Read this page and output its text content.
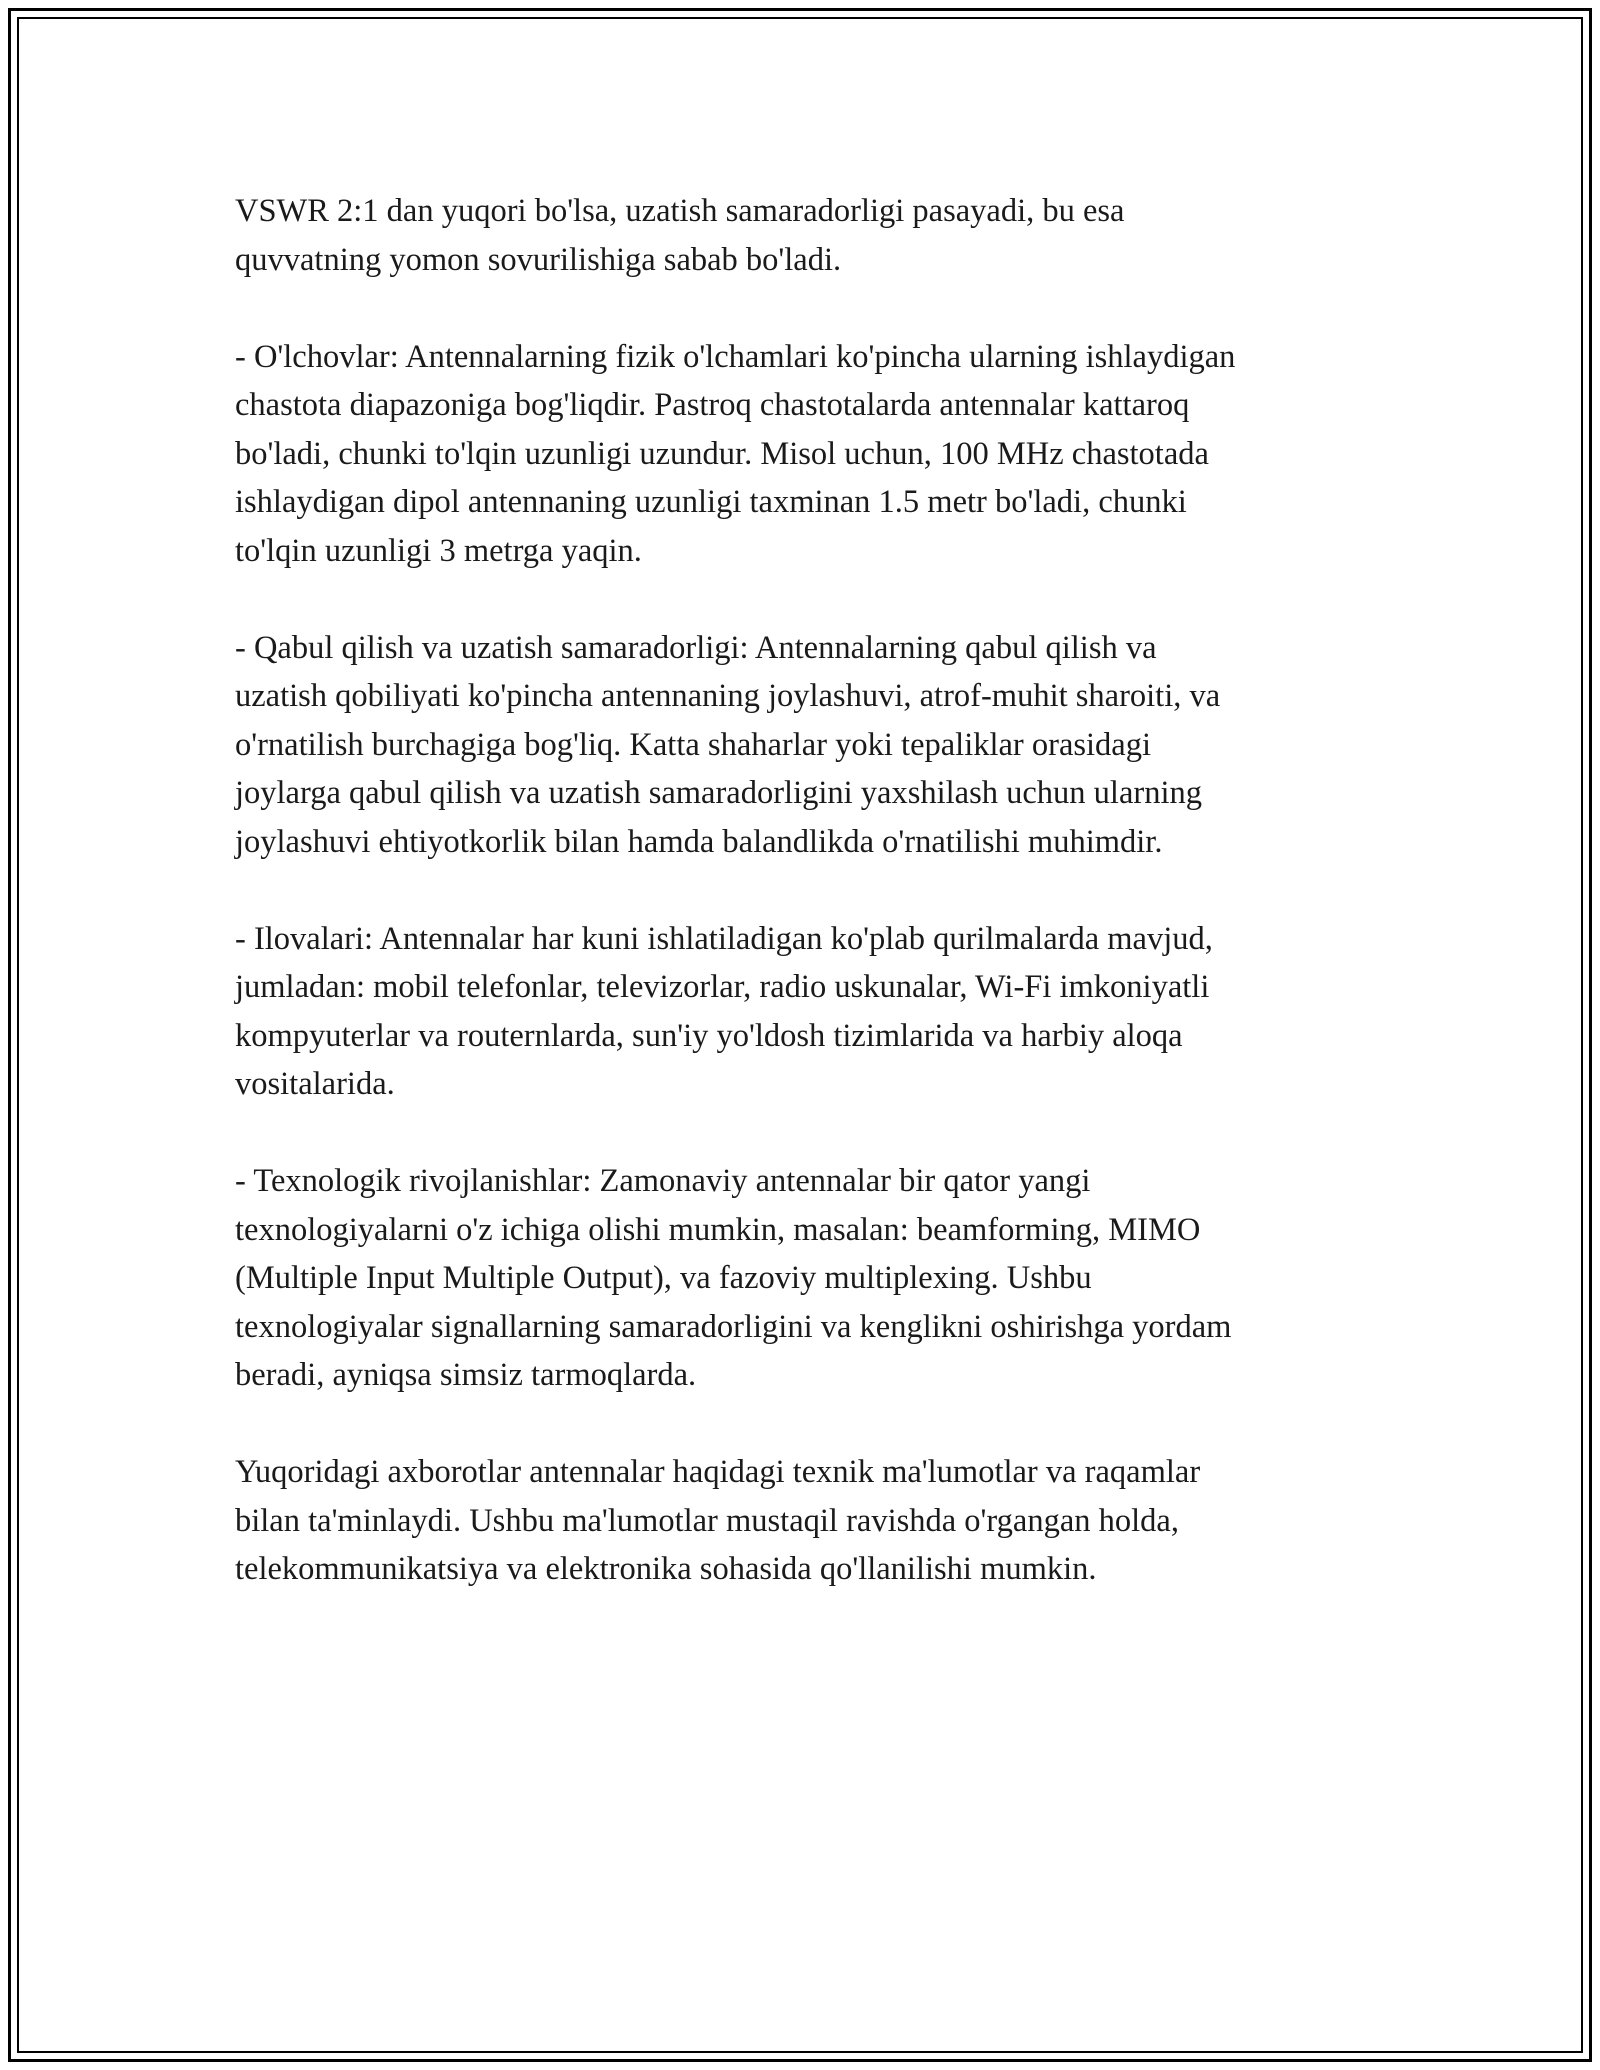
VSWR 2:1 dan yuqori bo'lsa, uzatish samaradorligi pasayadi, bu esa
quvvatning yomon sovurilishiga sabab bo'ladi.

- O'lchovlar: Antennalarning fizik o'lchamlari ko'pincha ularning ishlaydigan
chastota diapazoniga bog'liqdir. Pastroq chastotalarda antennalar kattaroq
bo'ladi, chunki to'lqin uzunligi uzundur. Misol uchun, 100 MHz chastotada
ishlaydigan dipol antennaning uzunligi taxminan 1.5 metr bo'ladi, chunki
to'lqin uzunligi 3 metrga yaqin.

- Qabul qilish va uzatish samaradorligi: Antennalarning qabul qilish va
uzatish qobiliyati ko'pincha antennaning joylashuvi, atrof-muhit sharoiti, va
o'rnatilish burchagiga bog'liq. Katta shaharlar yoki tepaliklar orasidagi
joylarga qabul qilish va uzatish samaradorligini yaxshilash uchun ularning
joylashuvi ehtiyotkorlik bilan hamda balandlikda o'rnatilishi muhimdir.

- Ilovalari: Antennalar har kuni ishlatiladigan ko'plab qurilmalarda mavjud,
jumladan: mobil telefonlar, televizorlar, radio uskunalar, Wi-Fi imkoniyatli
kompyuterlar va routernlarda, sun'iy yo'ldosh tizimlarida va harbiy aloqa
vositalarida.

- Texnologik rivojlanishlar: Zamonaviy antennalar bir qator yangi
texnologiyalarni o'z ichiga olishi mumkin, masalan: beamforming, MIMO
(Multiple Input Multiple Output), va fazoviy multiplexing. Ushbu
texnologiyalar signallarning samaradorligini va kenglikni oshirishga yordam
beradi, ayniqsa simsiz tarmoqlarda.

Yuqoridagi axborotlar antennalar haqidagi texnik ma'lumotlar va raqamlar
bilan ta'minlaydi. Ushbu ma'lumotlar mustaqil ravishda o'rgangan holda,
telekommunikatsiya va elektronika sohasida qo'llanilishi mumkin.
